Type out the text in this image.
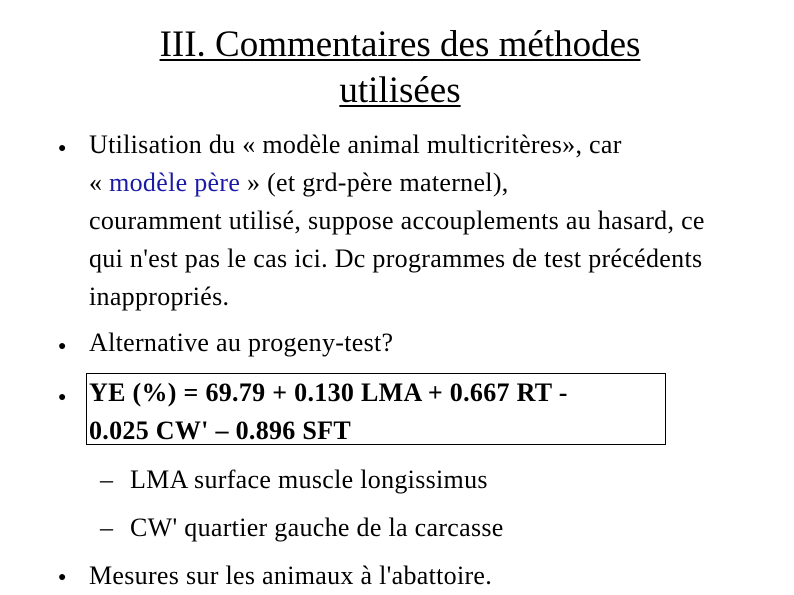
III. Commentaires des méthodes
utilisées
● Utilisation du « modèle animal multicritères», car
« modèle père » (et grd-père maternel),
couramment utilisé, suppose accouplements au hasard, ce qui n'est pas le cas ici. Dc programmes de test précédents inappropriés.
● Alternative au progeny-test?
● YE (%) = 69.79 + 0.130 LMA + 0.667 RT -
0.025 CW' – 0.896 SFT
– LMA surface muscle longissimus
– CW' quartier gauche de la carcasse
● Mesures sur les animaux à l'abattoire.
